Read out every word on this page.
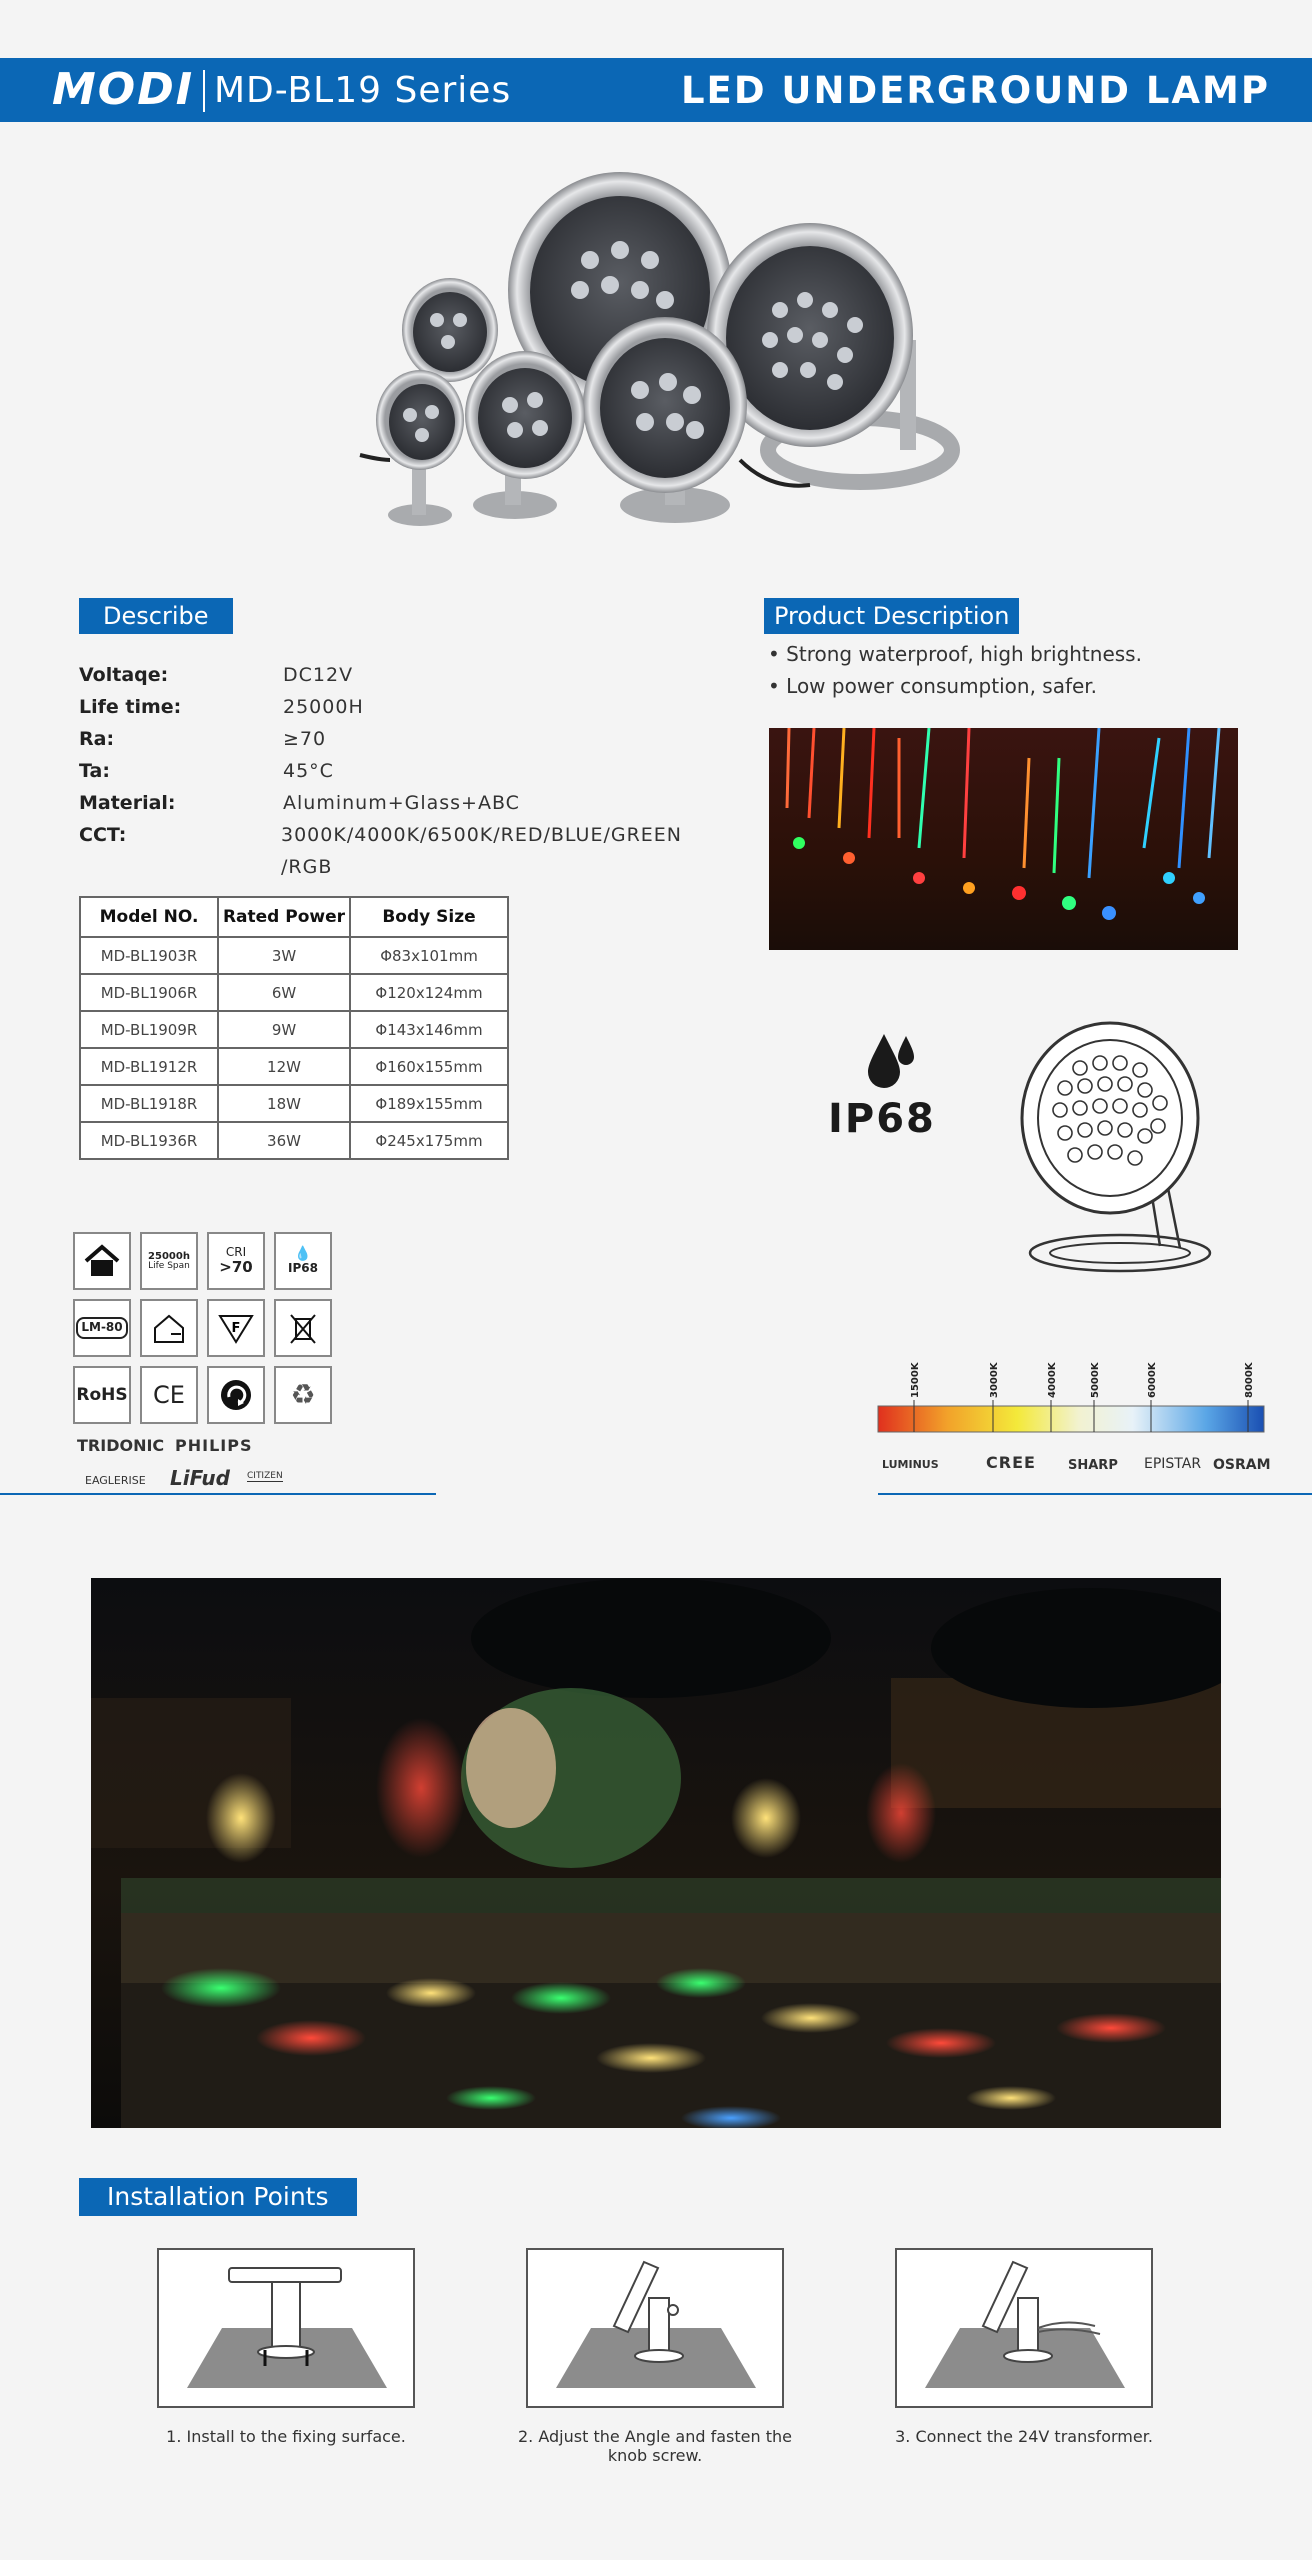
MODI MD-BL19 Series	LED UNDERGROUND LAMP
Describe
Voltaqe:	DC12V
Life time:	25000H
Ra:	≥70
Ta:	45°C
Material:	Aluminum+Glass+ABC
CCT:	3000K/4000K/6500K/RED/BLUE/GREEN
/RGB
Model NO.	Rated Power	Body Size
MD-BL1903R	3W	Φ83x101mm
MD-BL1906R	6W	Φ120x124mm
MD-BL1909R	9W	Φ143x146mm
MD-BL1912R	12W	Φ160x155mm
MD-BL1918R	18W	Φ189x155mm
MD-BL1936R	36W	Φ245x175mm
Product Description
• Strong waterproof, high brightness.
• Low power consumption, safer.
IP68
25000h
Life Span
CRI
>70
💧
IP68
LM-80	F
RoHS	CE	♻
TRIDONIC PHILIPS
EAGLERISE LiFud CITIZEN
1500K	3000K	4000K	5000K	6000K	8000K
LUMINUS	CREE SHARP EPISTAR OSRAM
Installation Points
1. Install to the fixing surface.	2. Adjust the Angle and fasten the knob screw.
3. Connect the 24V transformer.
